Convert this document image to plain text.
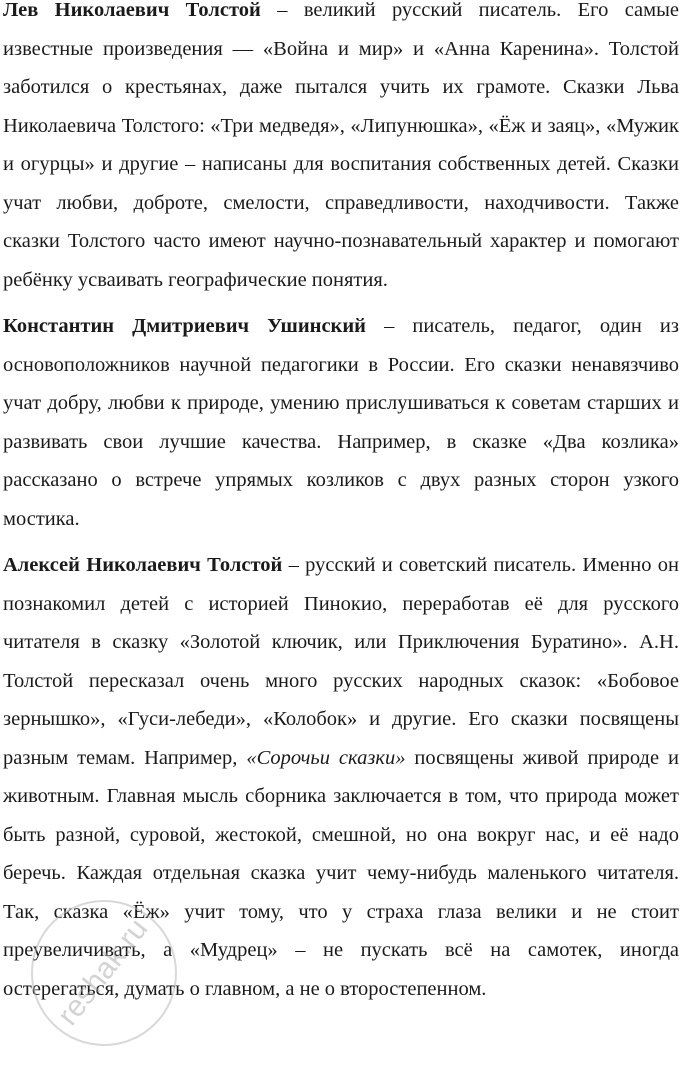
Лев Николаевич Толстой – великий русский писатель. Его самые известные произведения — «Война и мир» и «Анна Каренина». Толстой заботился о крестьянах, даже пытался учить их грамоте. Сказки Льва Николаевича Толстого: «Три медведя», «Липунюшка», «Ёж и заяц», «Мужик и огурцы» и другие – написаны для воспитания собственных детей. Сказки учат любви, доброте, смелости, справедливости, находчивости. Также сказки Толстого часто имеют научно-познавательный характер и помогают ребёнку усваивать географические понятия.

Константин Дмитриевич Ушинский – писатель, педагог, один из основоположников научной педагогики в России. Его сказки ненавязчиво учат добру, любви к природе, умению прислушиваться к советам старших и развивать свои лучшие качества. Например, в сказке «Два козлика» рассказано о встрече упрямых козликов с двух разных сторон узкого мостика.

Алексей Николаевич Толстой – русский и советский писатель. Именно он познакомил детей с историей Пинокио, переработав её для русского читателя в сказку «Золотой ключик, или Приключения Буратино». А.Н. Толстой пересказал очень много русских народных сказок: «Бобовое зернышко», «Гуси-лебеди», «Колобок» и другие. Его сказки посвящены разным темам. Например, «Сорочьи сказки» посвящены живой природе и животным. Главная мысль сборника заключается в том, что природа может быть разной, суровой, жестокой, смешной, но она вокруг нас, и её надо беречь. Каждая отдельная сказка учит чему-нибудь маленького читателя. Так, сказка «Ёж» учит тому, что у страха глаза велики и не стоит преувеличивать, а «Мудрец» – не пускать всё на самотек, иногда остерегаться, думать о главном, а не о второстепенном.

reshak.ru
